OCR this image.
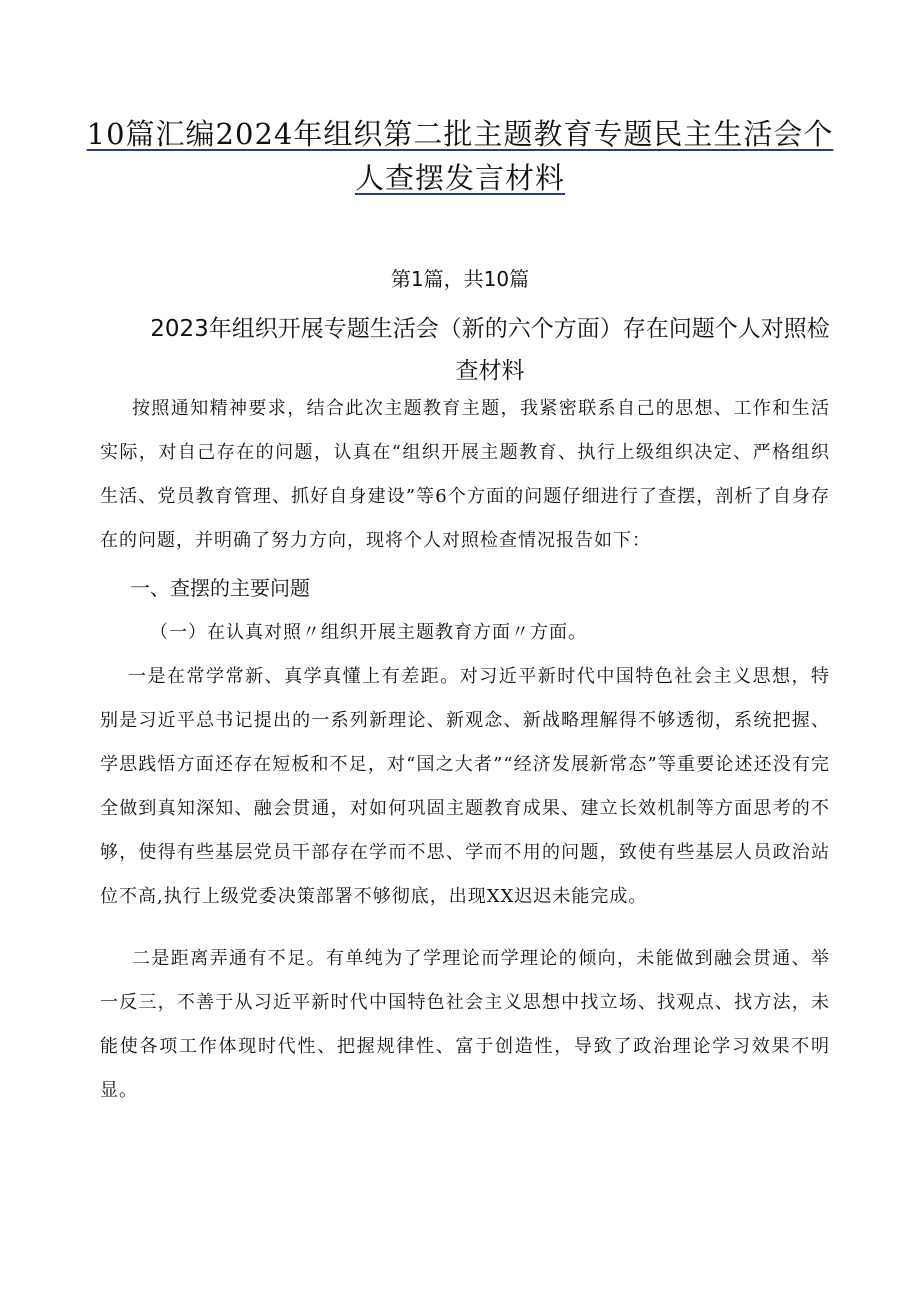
10篇汇编2024年组织第二批主题教育专题民主生活会个人查摆发言材料
第1篇，共10篇
2023年组织开展专题生活会（新的六个方面）存在问题个人对照检
查材料

按照通知精神要求，结合此次主题教育主题，我紧密联系自己的思想、工作和生活实际，对自己存在的问题，认真在“组织开展主题教育、执行上级组织决定、严格组织生活、党员教育管理、抓好自身建设”等6个方面的问题仔细进行了查摆，剖析了自身存在的问题，并明确了努力方向，现将个人对照检查情况报告如下：

一、查摆的主要问题

（一）在认真对照〃组织开展主题教育方面〃方面。

一是在常学常新、真学真懂上有差距。对习近平新时代中国特色社会主义思想，特别是习近平总书记提出的一系列新理论、新观念、新战略理解得不够透彻，系统把握、学思践悟方面还存在短板和不足，对“国之大者”“经济发展新常态”等重要论述还没有完全做到真知深知、融会贯通，对如何巩固主题教育成果、建立长效机制等方面思考的不够，使得有些基层党员干部存在学而不思、学而不用的问题，致使有些基层人员政治站位不高,执行上级党委决策部署不够彻底，出现XX迟迟未能完成。

二是距离弄通有不足。有单纯为了学理论而学理论的倾向，未能做到融会贯通、举一反三，不善于从习近平新时代中国特色社会主义思想中找立场、找观点、找方法，未能使各项工作体现时代性、把握规律性、富于创造性，导致了政治理论学习效果不明显。
